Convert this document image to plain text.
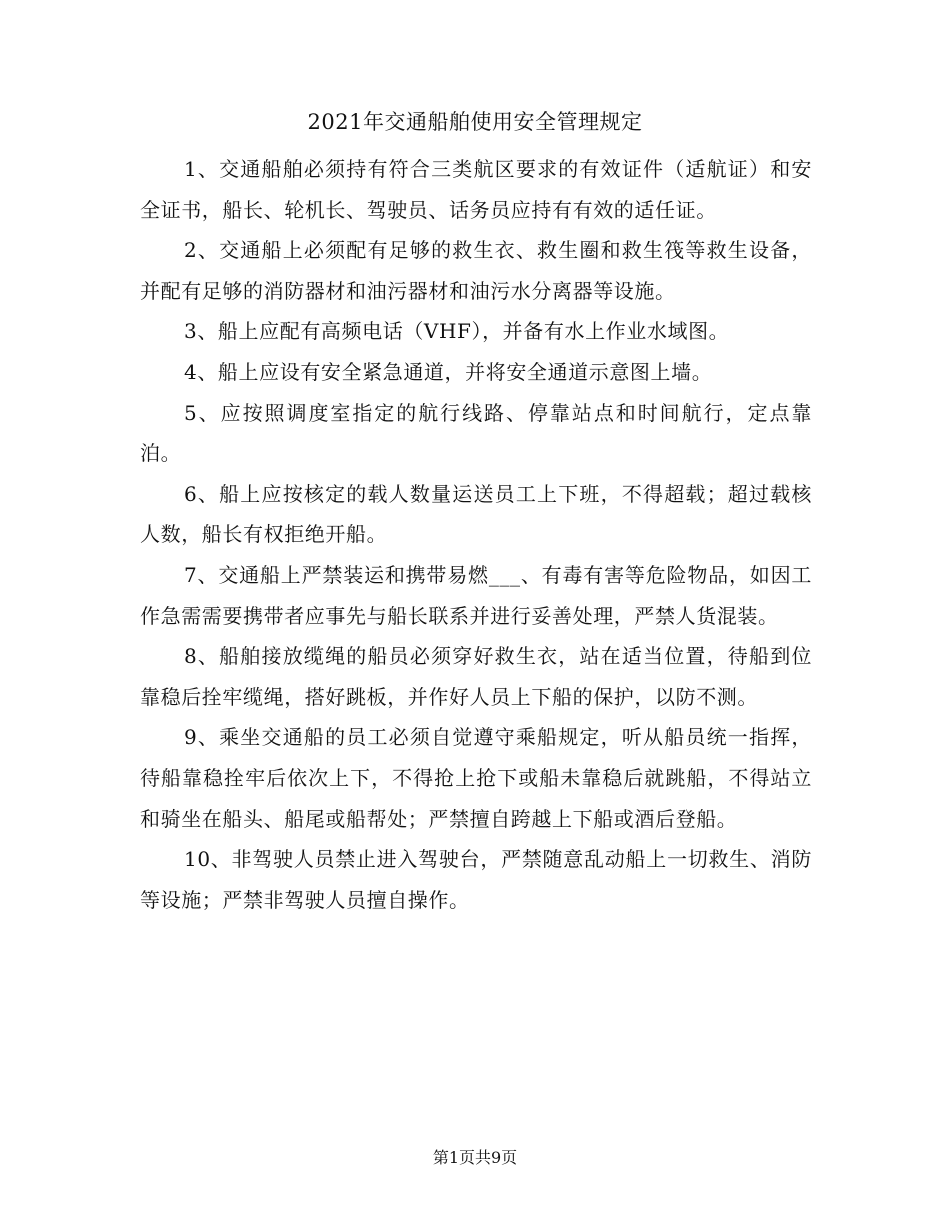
2021年交通船舶使用安全管理规定

1、交通船舶必须持有符合三类航区要求的有效证件（适航证）和安全证书，船长、轮机长、驾驶员、话务员应持有有效的适任证。

2、交通船上必须配有足够的救生衣、救生圈和救生筏等救生设备，并配有足够的消防器材和油污器材和油污水分离器等设施。

3、船上应配有高频电话（VHF），并备有水上作业水域图。

4、船上应设有安全紧急通道，并将安全通道示意图上墙。

5、应按照调度室指定的航行线路、停靠站点和时间航行，定点靠泊。

6、船上应按核定的载人数量运送员工上下班，不得超载；超过载核人数，船长有权拒绝开船。

7、交通船上严禁装运和携带易燃___、有毒有害等危险物品，如因工作急需需要携带者应事先与船长联系并进行妥善处理，严禁人货混装。

8、船舶接放缆绳的船员必须穿好救生衣，站在适当位置，待船到位靠稳后拴牢缆绳，搭好跳板，并作好人员上下船的保护，以防不测。

9、乘坐交通船的员工必须自觉遵守乘船规定，听从船员统一指挥，待船靠稳拴牢后依次上下，不得抢上抢下或船未靠稳后就跳船，不得站立和骑坐在船头、船尾或船帮处；严禁擅自跨越上下船或酒后登船。

10、非驾驶人员禁止进入驾驶台，严禁随意乱动船上一切救生、消防等设施；严禁非驾驶人员擅自操作。

第1页共9页
